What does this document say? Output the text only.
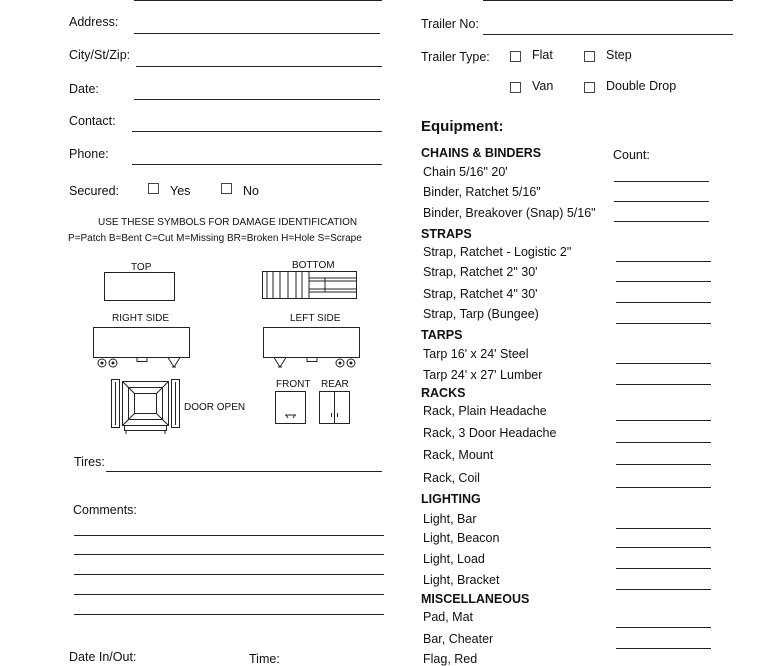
Address:
City/St/Zip:
Date:
Contact:
Phone:
Secured:	Yes	No
USE THESE SYMBOLS FOR DAMAGE IDENTIFICATION
P=Patch B=Bent C=Cut M=Missing BR=Broken H=Hole S=Scrape
TOP	BOTTOM
RIGHT SIDE	LEFT SIDE
DOOR OPEN
FRONT REAR
Tires:
Comments:
Date In/Out:	Time:
Trailer No:
Trailer Type:	Flat	Step
Van	Double Drop
Equipment:
CHAINS & BINDERS	Count:
Chain 5/16" 20'
Binder, Ratchet 5/16"
Binder, Breakover (Snap) 5/16"
STRAPS
Strap, Ratchet - Logistic 2"
Strap, Ratchet 2" 30'
Strap, Ratchet 4" 30'
Strap, Tarp (Bungee)
TARPS
Tarp 16' x 24' Steel
Tarp 24' x 27' Lumber
RACKS
Rack, Plain Headache
Rack, 3 Door Headache
Rack, Mount
Rack, Coil
LIGHTING
Light, Bar
Light, Beacon
Light, Load
Light, Bracket
MISCELLANEOUS
Pad, Mat
Bar, Cheater
Flag, Red
